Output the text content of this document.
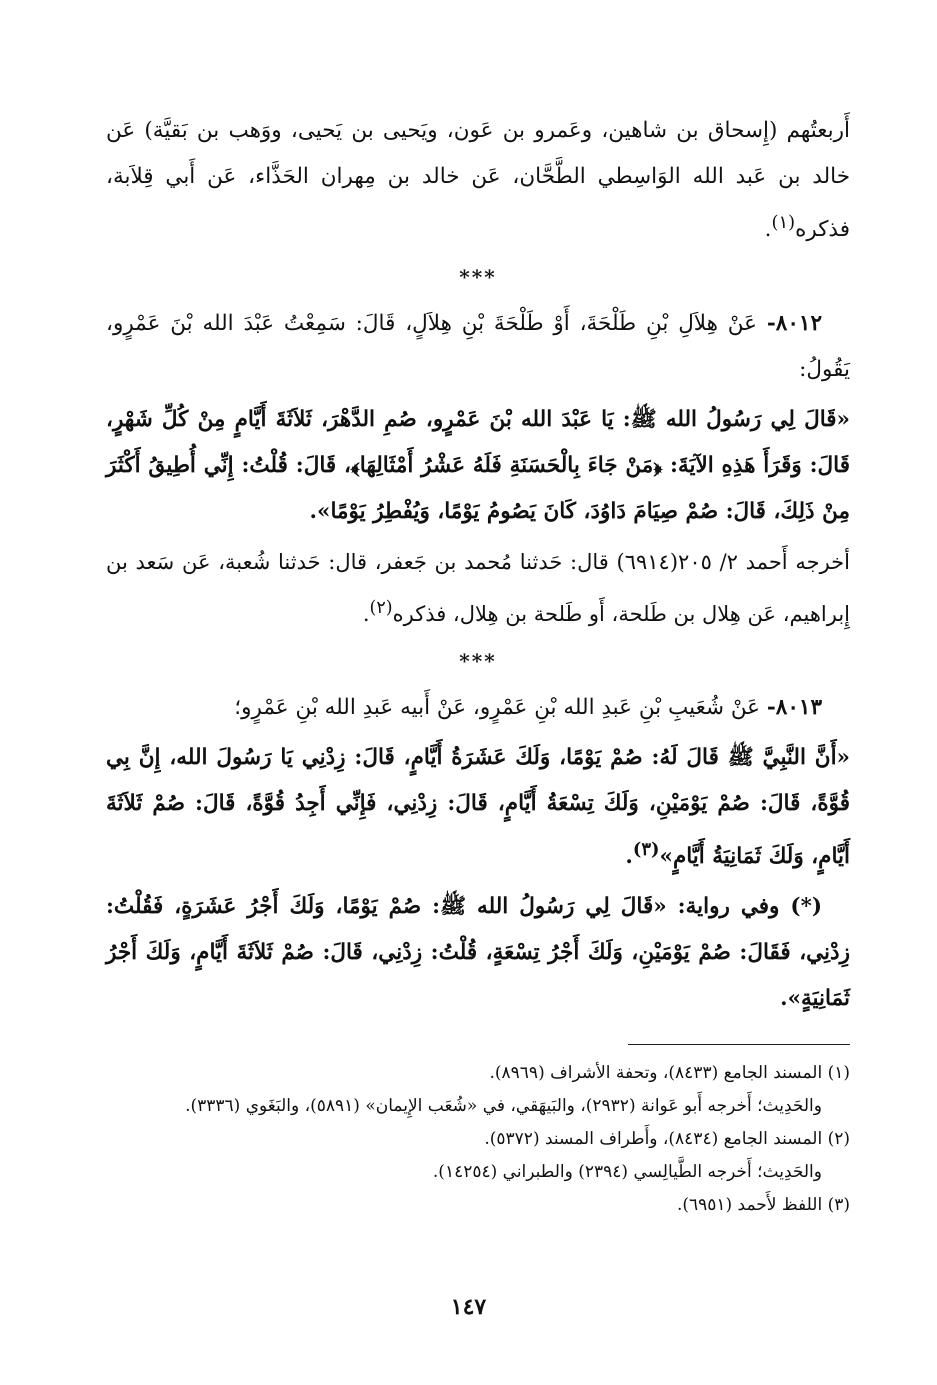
أَربعتُهم (إِسحاق بن شاهين، وعَمرو بن عَون، ويَحيى بن يَحيى، ووَهب بن بَقيَّة) عَن خالد بن عَبد الله الوَاسِطي الطَّحَّان، عَن خالد بن مِهران الحَذَّاء، عَن أَبي قِلاَبة، فذكره$^{(١)}$.

***

٨٠١٢- عَنْ هِلاَلِ بْنِ طَلْحَةَ، أَوْ طَلْحَةَ بْنِ هِلاَلٍ، قَالَ: سَمِعْتُ عَبْدَ الله بْنَ عَمْرٍو، يَقُولُ:

«قَالَ لِي رَسُولُ الله ﷺ: يَا عَبْدَ الله بْنَ عَمْرٍو، صُمِ الدَّهْرَ، ثَلاَثَةَ أَيَّامٍ مِنْ كُلِّ شَهْرٍ، قَالَ: وَقَرَأَ هَذِهِ الآيَةَ: ﴿مَنْ جَاءَ بِالْحَسَنَةِ فَلَهُ عَشْرُ أَمْثَالِهَا﴾، قَالَ: قُلْتُ: إِنِّي أُطِيقُ أَكْثَرَ مِنْ ذَلِكَ، قَالَ: صُمْ صِيَامَ دَاوُدَ، كَانَ يَصُومُ يَوْمًا، وَيُفْطِرُ يَوْمًا».

أخرجه أَحمد ٢/ ٢٠٥(٦٩١٤) قال: حَدثنا مُحمد بن جَعفر، قال: حَدثنا شُعبة، عَن سَعد بن إِبراهيم، عَن هِلال بن طَلحة، أَو طَلحة بن هِلال، فذكره$^{(٢)}$.

***

٨٠١٣- عَنْ شُعَيبِ بْنِ عَبدِ الله بْنِ عَمْرٍو، عَنْ أَبيه عَبدِ الله بْنِ عَمْرٍو؛

«أَنَّ النَّبِيَّ ﷺ قَالَ لَهُ: صُمْ يَوْمًا، وَلَكَ عَشَرَةُ أَيَّامٍ، قَالَ: زِدْنِي يَا رَسُولَ الله، إِنَّ بِي قُوَّةً، قَالَ: صُمْ يَوْمَيْنِ، وَلَكَ تِسْعَةُ أَيَّامٍ، قَالَ: زِدْنِي، فَإِنِّي أَجِدُ قُوَّةً، قَالَ: صُمْ ثَلاَثَةَ أَيَّامٍ، وَلَكَ ثَمَانِيَةُ أَيَّامٍ»$^{(٣)}$.

(*) وفي رواية: «قَالَ لِي رَسُولُ الله ﷺ: صُمْ يَوْمًا، وَلَكَ أَجْرُ عَشَرَةٍ، فَقُلْتُ: زِدْنِي، فَقَالَ: صُمْ يَوْمَيْنِ، وَلَكَ أَجْرُ تِسْعَةٍ، قُلْتُ: زِدْنِي، قَالَ: صُمْ ثَلاَثَةَ أَيَّامٍ، وَلَكَ أَجْرُ ثَمَانِيَةٍ».

(١) المسند الجامع (٨٤٣٣)، وتحفة الأشراف (٨٩٦٩).

والحَدِيث؛ أَخرجه أَبو عَوانة (٢٩٣٢)، والبَيهَقي، في «شُعَب الإِيمان» (٥٨٩١)، والبَغَوي (٣٣٣٦).

(٢) المسند الجامع (٨٤٣٤)، وأَطراف المسند (٥٣٧٢).

والحَدِيث؛ أَخرجه الطَّيالِسي (٢٣٩٤) والطبراني (١٤٢٥٤).

(٣) اللفظ لأَحمد (٦٩٥١).

١٤٧
